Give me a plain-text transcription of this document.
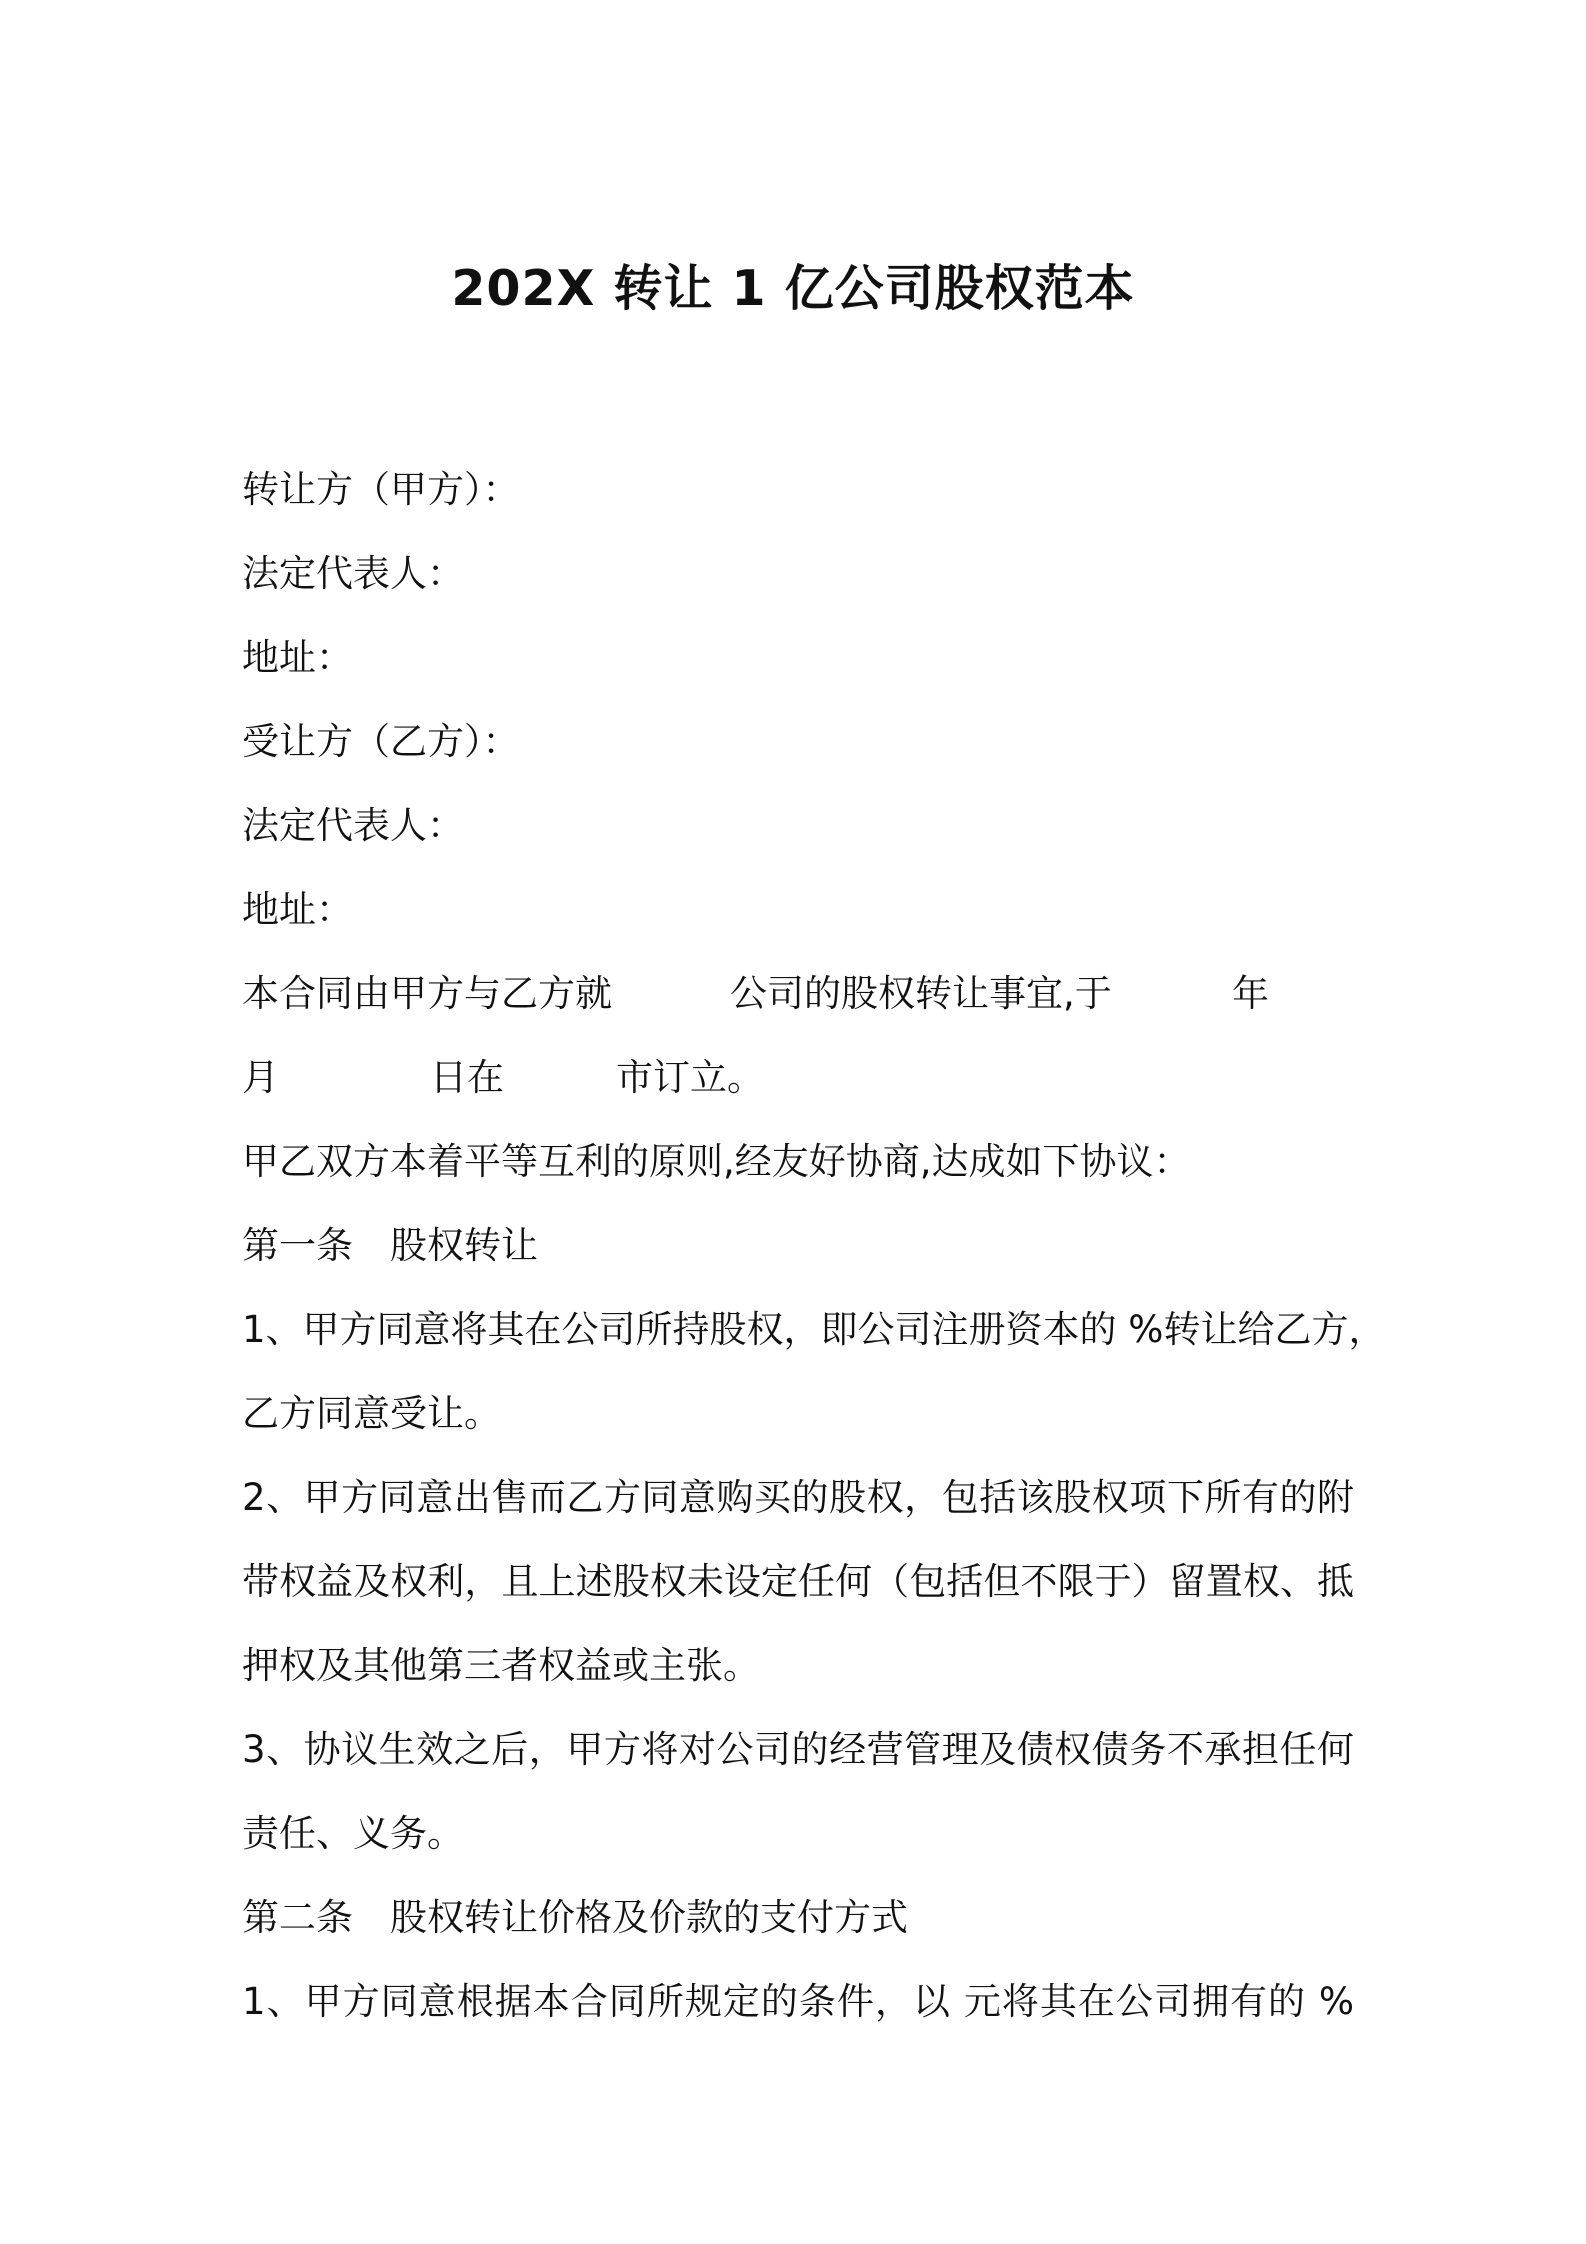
202X 转让 1 亿公司股权范本
转让方（甲方）：
法定代表人：
地址：
受让方（乙方）：
法定代表人：
地址：
本合同由甲方与乙方就	公司的股权转让事宜,于	年
月	日在	市订立。
甲乙双方本着平等互利的原则,经友好协商,达成如下协议：
第一条 股权转让
1、甲方同意将其在公司所持股权，即公司注册资本的 %转让给乙方，
乙方同意受让。
2、甲方同意出售而乙方同意购买的股权，包括该股权项下所有的附
带权益及权利，且上述股权未设定任何（包括但不限于）留置权、抵
押权及其他第三者权益或主张。
3、协议生效之后，甲方将对公司的经营管理及债权债务不承担任何
责任、义务。
第二条 股权转让价格及价款的支付方式
1、甲方同意根据本合同所规定的条件，以 元将其在公司拥有的 %
